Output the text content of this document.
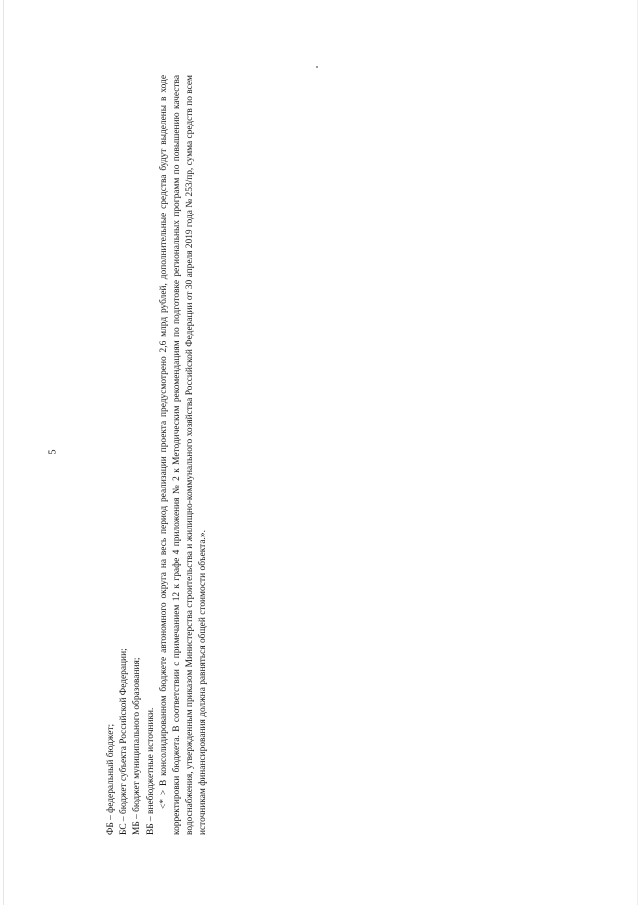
5

ФБ – федеральный бюджет; БС – бюджет субъекта Российской Федерации; МБ – бюджет муниципального образования; ВБ – внебюджетные источники. <* > В консолидированном бюджете автономного округа на весь период реализации проекта предусмотрено 2,6 млрд рублей, дополнительные средства будут выделены в ходе корректировки бюджета. В соответствии с примечанием 12 к графе 4 приложения № 2 к Методическим рекомендациям по подготовке региональных программ по повышению качества водоснабжения, утвержденным приказом Министерства строительства и жилищно-коммунального хозяйства Российской Федерации от 30 апреля 2019 года № 253/пр, сумма средств по всем источникам финансирования должна равняться общей стоимости объекта.».
